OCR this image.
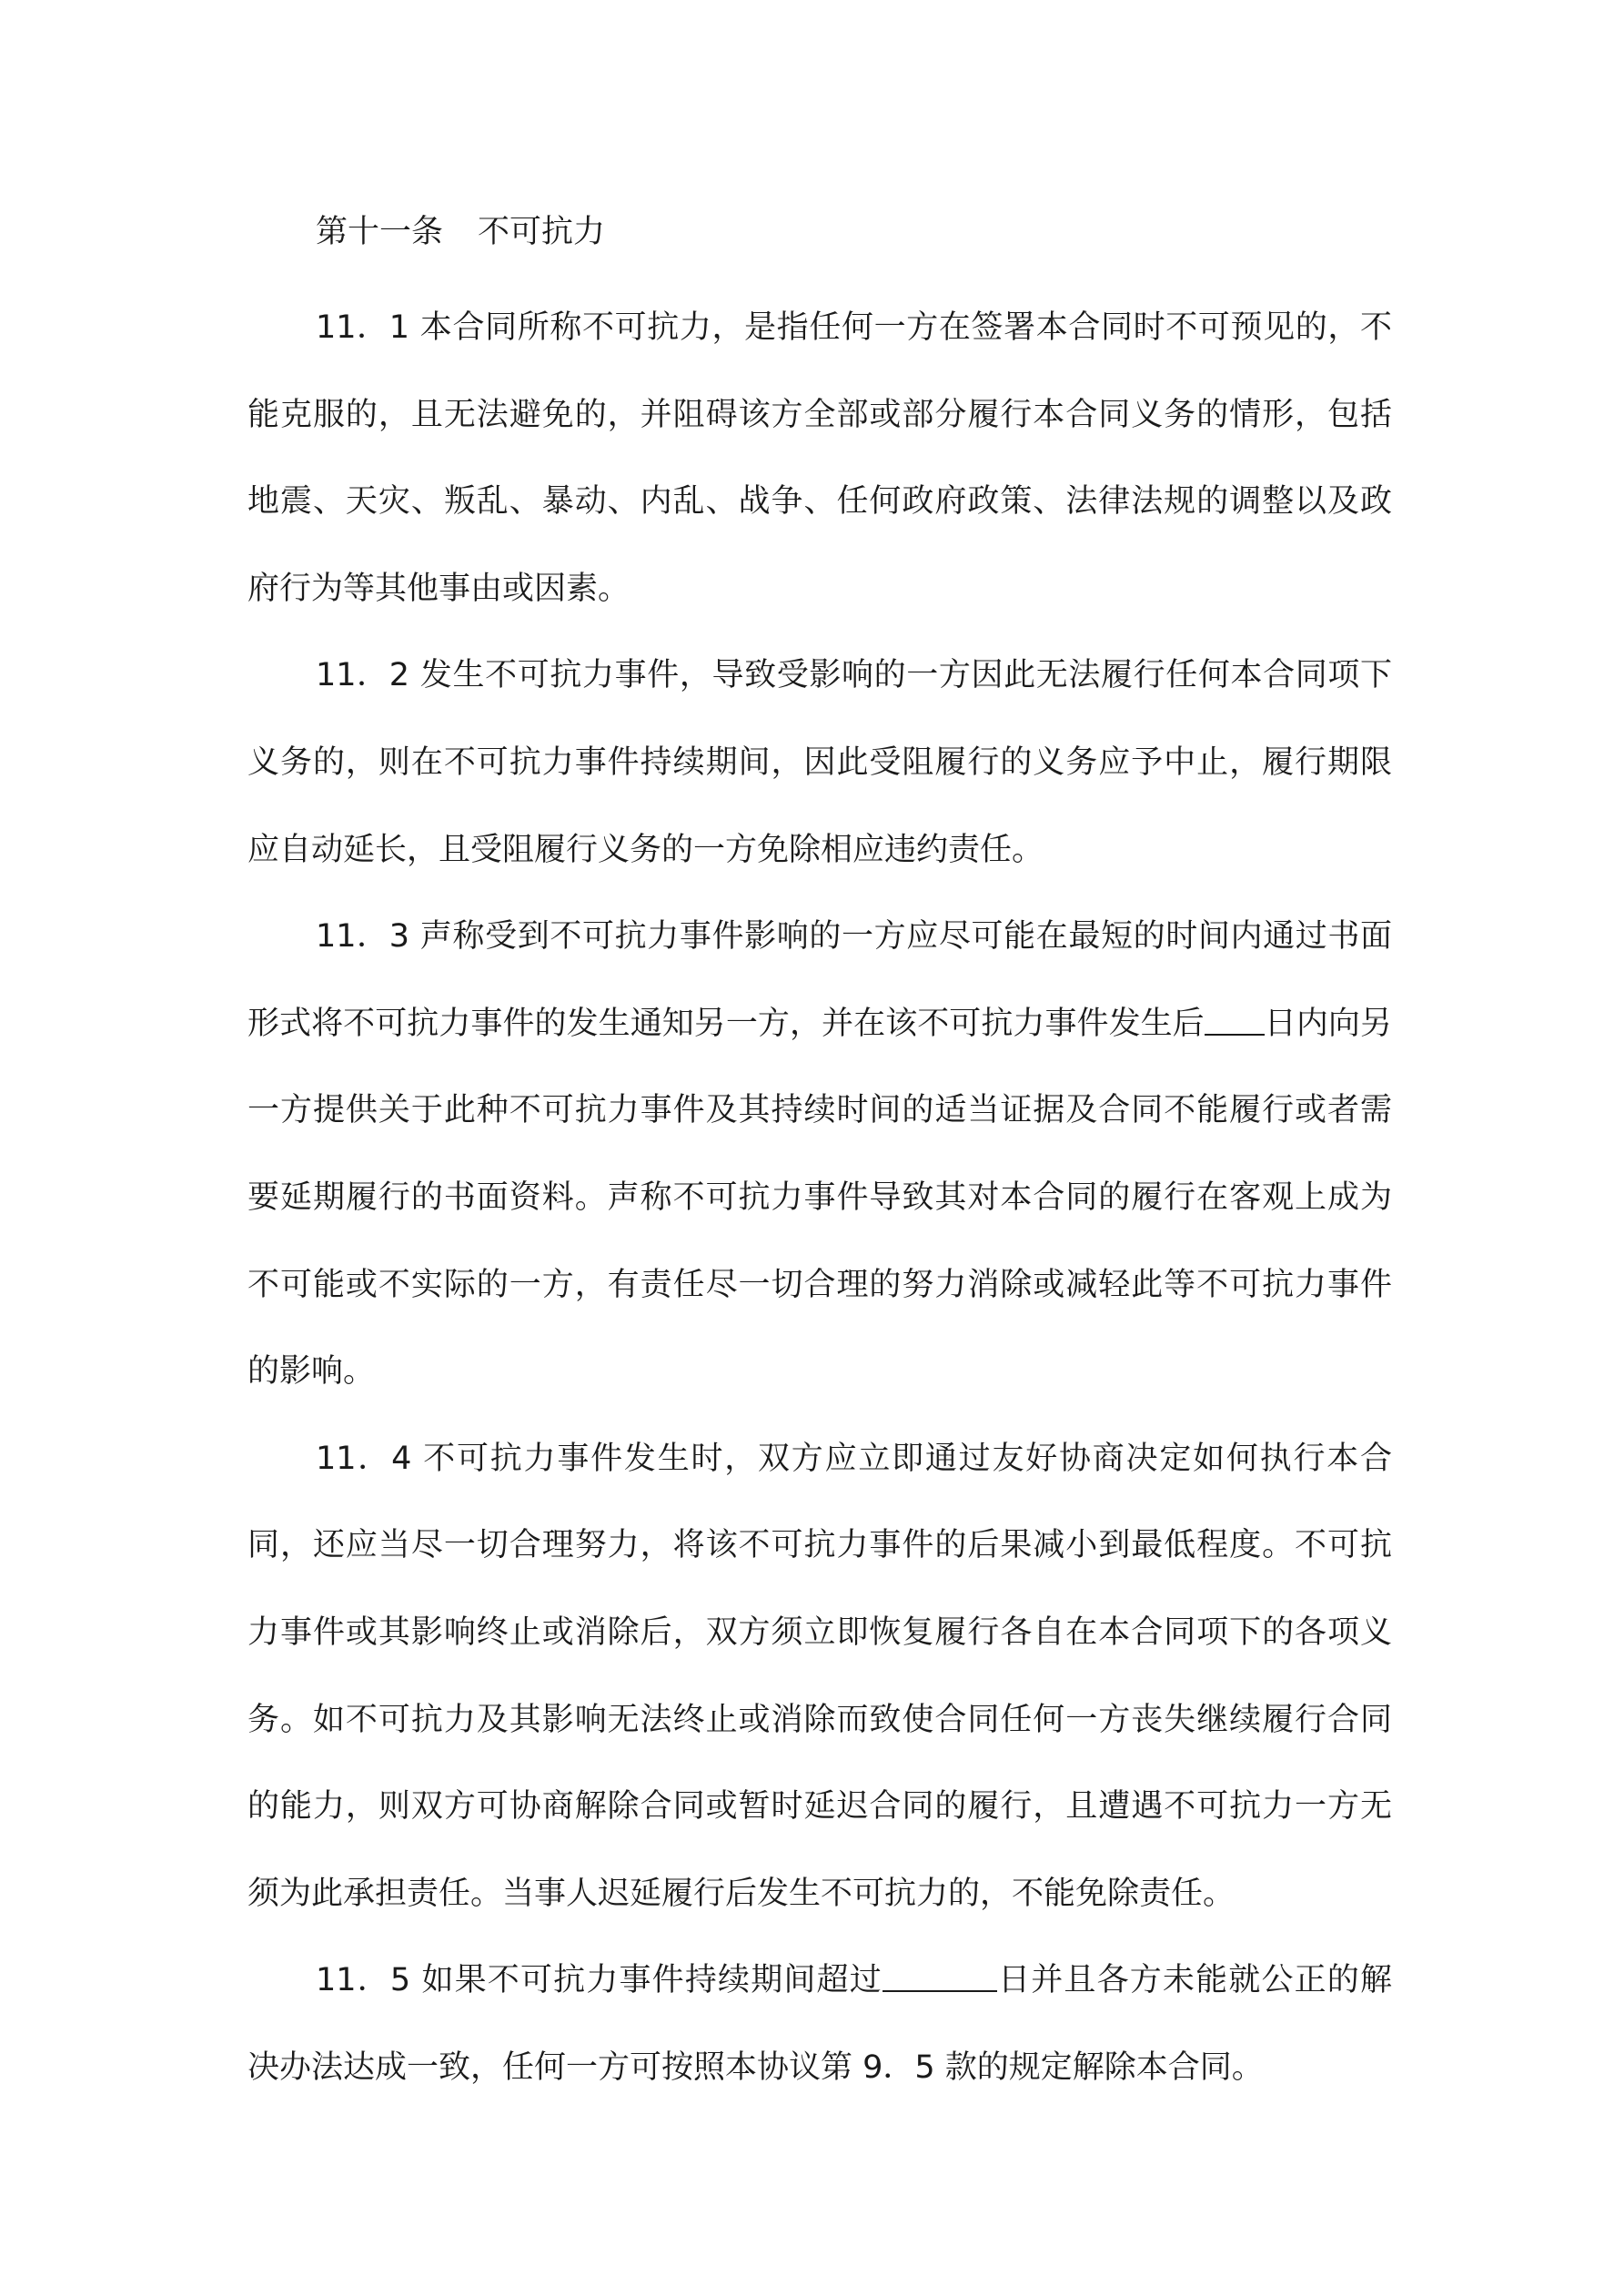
第十一条 不可抗力

11．1 本合同所称不可抗力，是指任何一方在签署本合同时不可预见的，不能克服的，且无法避免的，并阻碍该方全部或部分履行本合同义务的情形，包括地震、天灾、叛乱、暴动、内乱、战争、任何政府政策、法律法规的调整以及政府行为等其他事由或因素。

11．2 发生不可抗力事件，导致受影响的一方因此无法履行任何本合同项下义务的，则在不可抗力事件持续期间，因此受阻履行的义务应予中止，履行期限应自动延长，且受阻履行义务的一方免除相应违约责任。

11．3 声称受到不可抗力事件影响的一方应尽可能在最短的时间内通过书面形式将不可抗力事件的发生通知另一方，并在该不可抗力事件发生后 日内向另一方提供关于此种不可抗力事件及其持续时间的适当证据及合同不能履行或者需要延期履行的书面资料。声称不可抗力事件导致其对本合同的履行在客观上成为不可能或不实际的一方，有责任尽一切合理的努力消除或减轻此等不可抗力事件的影响。

11．4 不可抗力事件发生时，双方应立即通过友好协商决定如何执行本合同，还应当尽一切合理努力，将该不可抗力事件的后果减小到最低程度。不可抗力事件或其影响终止或消除后，双方须立即恢复履行各自在本合同项下的各项义务。如不可抗力及其影响无法终止或消除而致使合同任何一方丧失继续履行合同的能力，则双方可协商解除合同或暂时延迟合同的履行，且遭遇不可抗力一方无须为此承担责任。当事人迟延履行后发生不可抗力的，不能免除责任。

11．5 如果不可抗力事件持续期间超过	日并且各方未能就公正的解决办法达成一致，任何一方可按照本协议第 9．5 款的规定解除本合同。
